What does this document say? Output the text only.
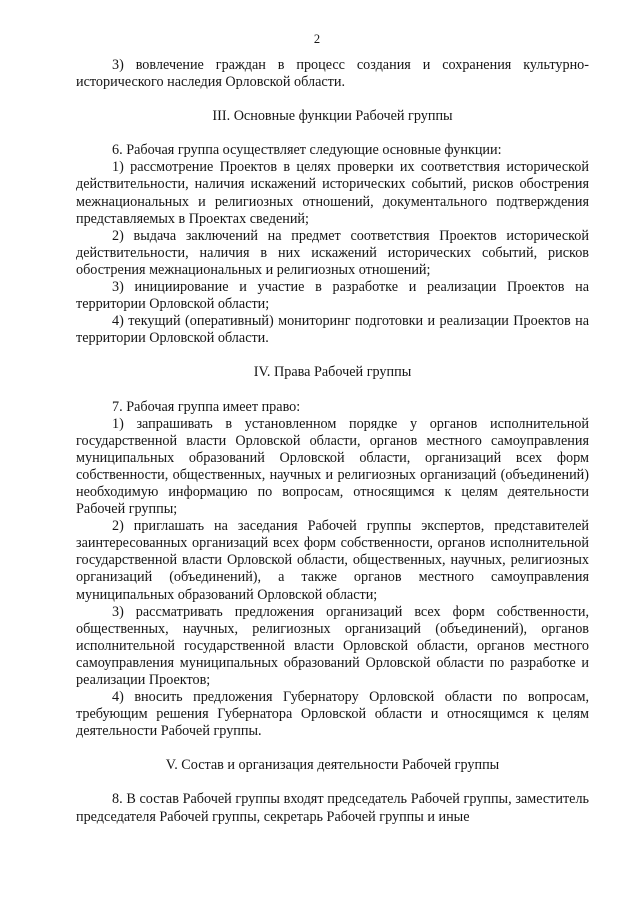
2

3) вовлечение граждан в процесс создания и сохранения культурно-исторического наследия Орловской области.

III. Основные функции Рабочей группы

6. Рабочая группа осуществляет следующие основные функции:

1) рассмотрение Проектов в целях проверки их соответствия исторической действительности, наличия искажений исторических событий, рисков обострения межнациональных и религиозных отношений, документального подтверждения представляемых в Проектах сведений;

2) выдача заключений на предмет соответствия Проектов исторической действительности, наличия в них искажений исторических событий, рисков обострения межнациональных и религиозных отношений;

3) инициирование и участие в разработке и реализации Проектов на территории Орловской области;

4) текущий (оперативный) мониторинг подготовки и реализации Проектов на территории Орловской области.

IV. Права Рабочей группы

7. Рабочая группа имеет право:

1) запрашивать в установленном порядке у органов исполнительной государственной власти Орловской области, органов местного самоуправления муниципальных образований Орловской области, организаций всех форм собственности, общественных, научных и религиозных организаций (объединений) необходимую информацию по вопросам, относящимся к целям деятельности Рабочей группы;

2) приглашать на заседания Рабочей группы экспертов, представителей заинтересованных организаций всех форм собственности, органов исполнительной государственной власти Орловской области, общественных, научных, религиозных организаций (объединений), а также органов местного самоуправления муниципальных образований Орловской области;

3) рассматривать предложения организаций всех форм собственности, общественных, научных, религиозных организаций (объединений), органов исполнительной государственной власти Орловской области, органов местного самоуправления муниципальных образований Орловской области по разработке и реализации Проектов;

4) вносить предложения Губернатору Орловской области по вопросам, требующим решения Губернатора Орловской области и относящимся к целям деятельности Рабочей группы.

V. Состав и организация деятельности Рабочей группы

8. В состав Рабочей группы входят председатель Рабочей группы, заместитель председателя Рабочей группы, секретарь Рабочей группы и иные
